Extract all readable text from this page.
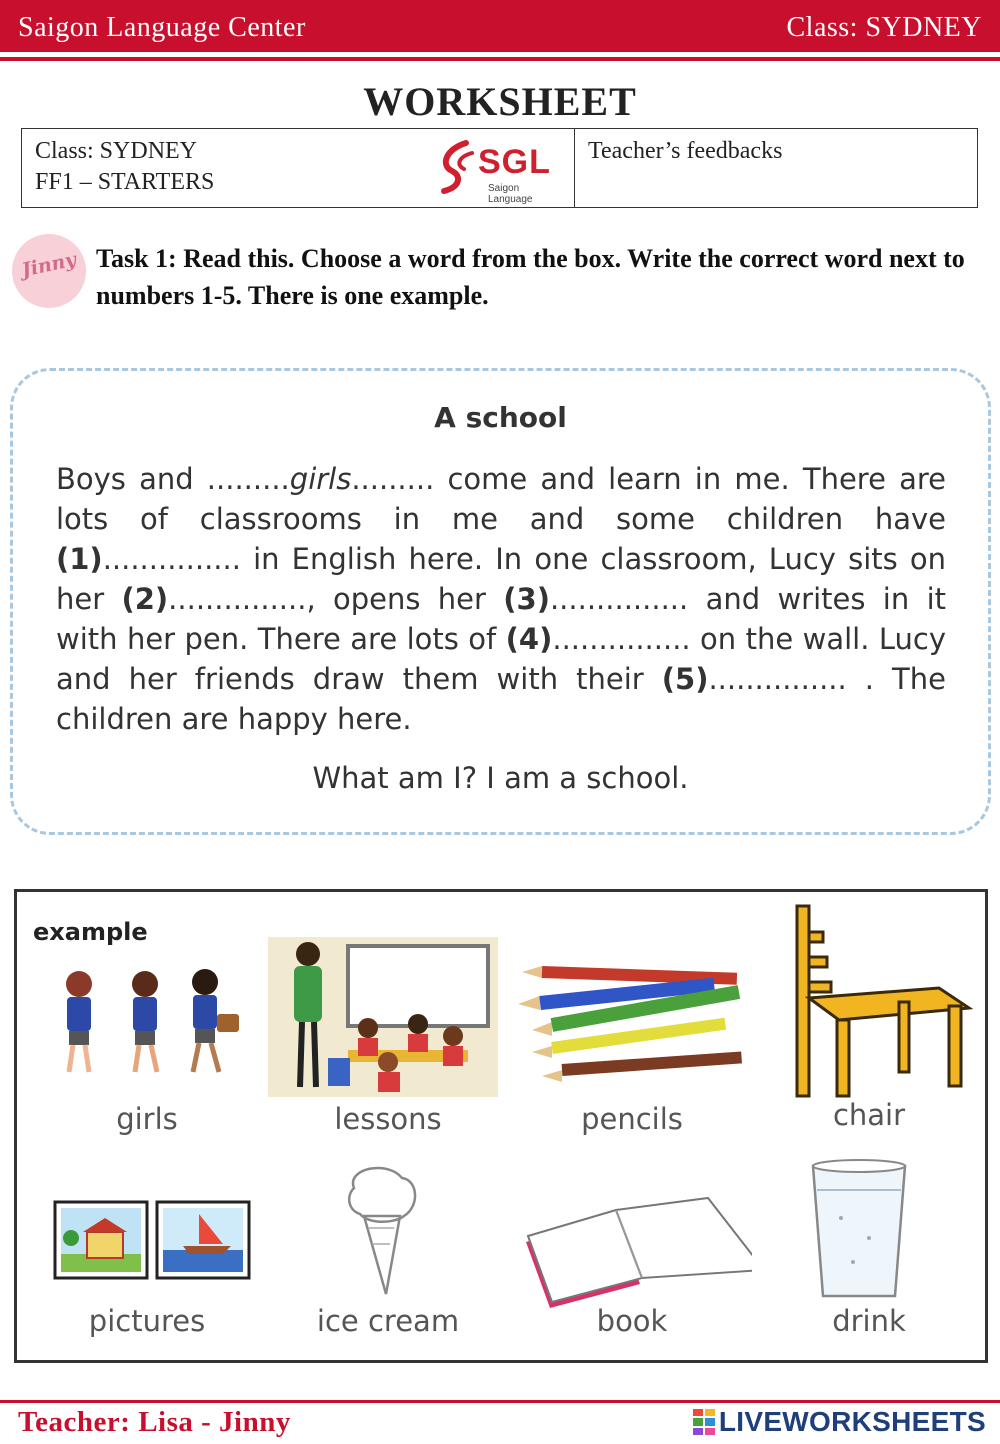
Saigon Language Center	Class: SYDNEY
WORKSHEET
Class: SYDNEY
FF1 – STARTERS
SGL
Saigon Language
Teacher’s feedbacks
Jinny Task 1: Read this. Choose a word from the box. Write the correct word next to numbers 1-5. There is one example.
A school
Boys and .........girls......... come and learn in me. There are lots of classrooms in me and some children have (1)............... in English here. In one classroom, Lucy sits on her (2)..............., opens her (3)............... and writes in it with her pen. There are lots of (4)............... on the wall. Lucy and her friends draw them with their (5)............... . The children are happy here.
What am I? I am a school.
example
girls	lessons	pencils	chair
pictures	ice cream	book	drink
Teacher: Lisa - Jinny	LIVEWORKSHEETS
